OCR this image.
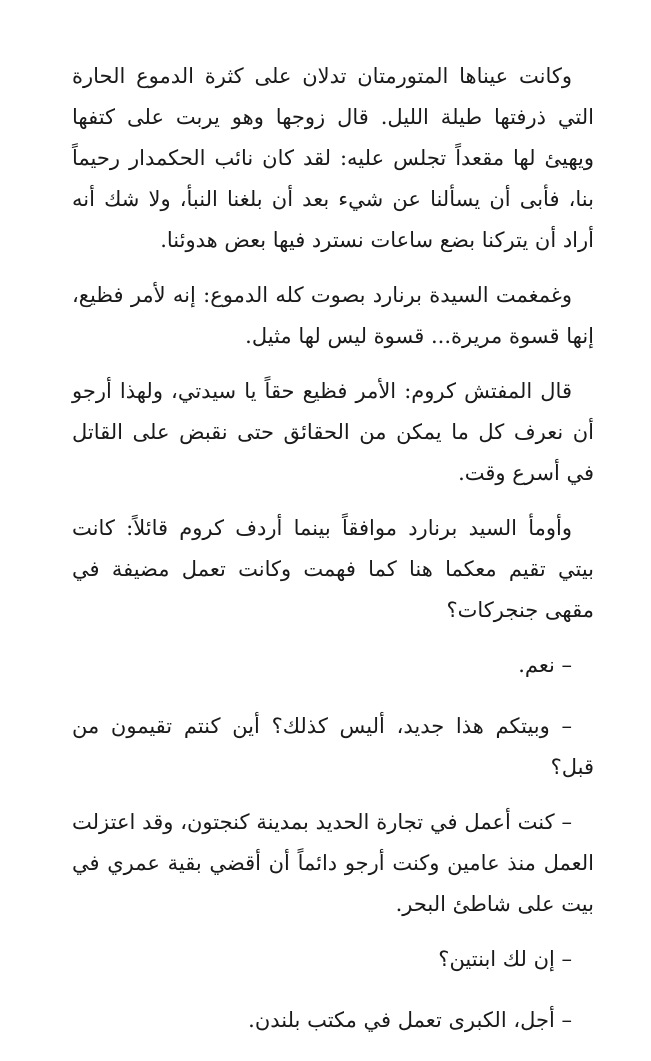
وكانت عيناها المتورمتان تدلان على كثرة الدموع الحارة التي ذرفتها طيلة الليل. قال زوجها وهو يربت على كتفها ويهيئ لها مقعداً تجلس عليه: لقد كان نائب الحكمدار رحيماً بنا، فأبى أن يسألنا عن شيء بعد أن بلغنا النبأ، ولا شك أنه أراد أن يتركنا بضع ساعات نسترد فيها بعض هدوئنا.

وغمغمت السيدة برنارد بصوت كله الدموع: إنه لأمر فظيع، إنها قسوة مريرة... قسوة ليس لها مثيل.

قال المفتش كروم: الأمر فظيع حقاً يا سيدتي، ولهذا أرجو أن نعرف كل ما يمكن من الحقائق حتى نقبض على القاتل في أسرع وقت.

وأومأ السيد برنارد موافقاً بينما أردف كروم قائلاً: كانت بيتي تقيم معكما هنا كما فهمت وكانت تعمل مضيفة في مقهى جنجركات؟

– نعم.

– وبيتكم هذا جديد، أليس كذلك؟ أين كنتم تقيمون من قبل؟

– كنت أعمل في تجارة الحديد بمدينة كنجتون، وقد اعتزلت العمل منذ عامين وكنت أرجو دائماً أن أقضي بقية عمري في بيت على شاطئ البحر.

– إن لك ابنتين؟

– أجل، الكبرى تعمل في مكتب بلندن.
